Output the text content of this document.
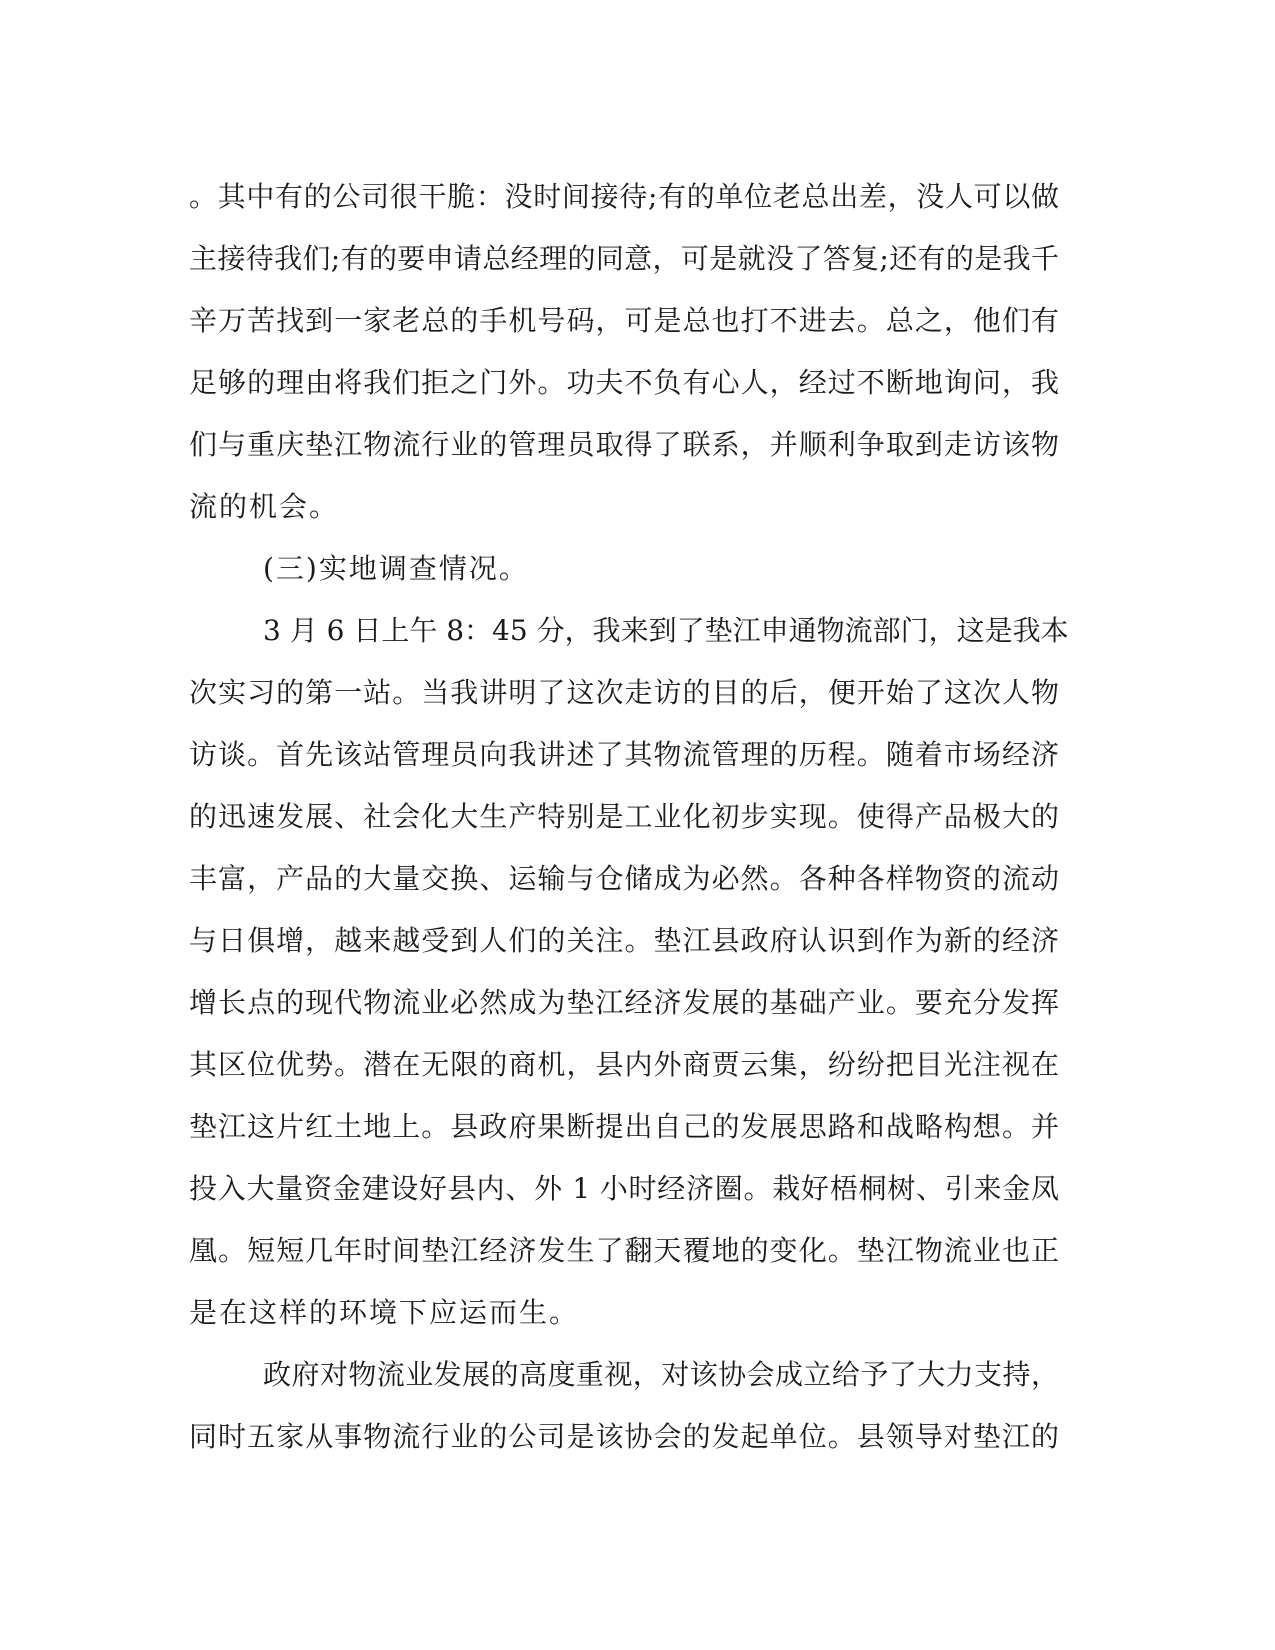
。其中有的公司很干脆：没时间接待;有的单位老总出差，没人可以做
主接待我们;有的要申请总经理的同意，可是就没了答复;还有的是我千
辛万苦找到一家老总的手机号码，可是总也打不进去。总之，他们有
足够的理由将我们拒之门外。功夫不负有心人，经过不断地询问，我
们与重庆垫江物流行业的管理员取得了联系，并顺利争取到走访该物
流的机会。
(三)实地调查情况。
3 月 6 日上午 8：45 分，我来到了垫江申通物流部门，这是我本
次实习的第一站。当我讲明了这次走访的目的后，便开始了这次人物
访谈。首先该站管理员向我讲述了其物流管理的历程。随着市场经济
的迅速发展、社会化大生产特别是工业化初步实现。使得产品极大的
丰富，产品的大量交换、运输与仓储成为必然。各种各样物资的流动
与日俱增，越来越受到人们的关注。垫江县政府认识到作为新的经济
增长点的现代物流业必然成为垫江经济发展的基础产业。要充分发挥
其区位优势。潜在无限的商机，县内外商贾云集，纷纷把目光注视在
垫江这片红土地上。县政府果断提出自己的发展思路和战略构想。并
投入大量资金建设好县内、外 1 小时经济圈。栽好梧桐树、引来金凤
凰。短短几年时间垫江经济发生了翻天覆地的变化。垫江物流业也正
是在这样的环境下应运而生。
政府对物流业发展的高度重视，对该协会成立给予了大力支持，
同时五家从事物流行业的公司是该协会的发起单位。县领导对垫江的
